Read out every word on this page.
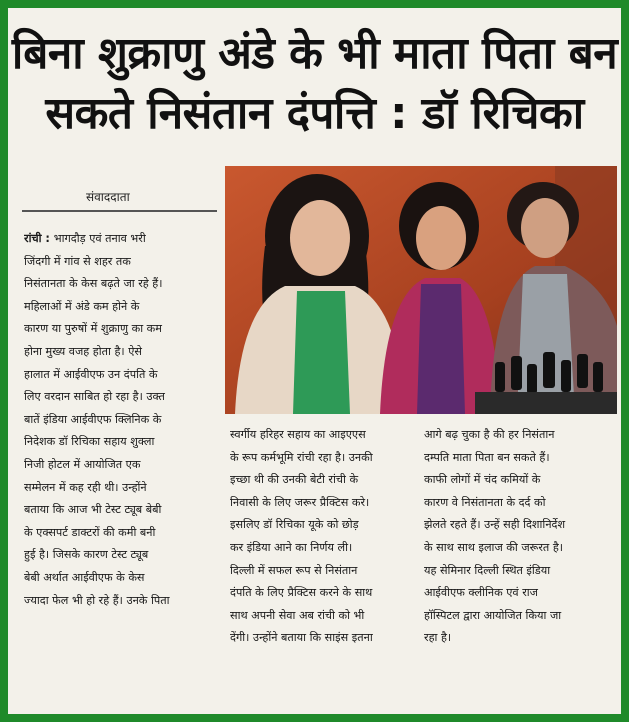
बिना शुक्राणु अंडे के भी माता पिता बन
सकते निसंतान दंपत्ति : डॉ रिचिका
संवाददाता
रांची : भागदौड़ एवं तनाव भरी
जिंदगी में गांव से शहर तक
निसंतानता के केस बढ़ते जा रहे हैं।
महिलाओं में अंडे कम होने के
कारण या पुरुषों में शुक्राणु का कम
होना मुख्य वजह होता है। ऐसे
हालात में आईवीएफ उन दंपति के
लिए वरदान साबित हो रहा है। उक्त
बातें इंडिया आईवीएफ क्लिनिक के
निदेशक डॉ रिचिका सहाय शुक्ला
निजी होटल में आयोजित एक
सम्मेलन में कह रही थी। उन्होंने
बताया कि आज भी टेस्ट ट्यूब बेबी
के एक्सपर्ट डाक्टरों की कमी बनी
हुई है। जिसके कारण टेस्ट ट्यूब
बेबी अर्थात आईवीएफ के केस
ज्यादा फेल भी हो रहे हैं। उनके पिता
स्वर्गीय हरिहर सहाय का आइएएस
के रूप कर्मभूमि रांची रहा है। उनकी
इच्छा थी की उनकी बेटी रांची के
निवासी के लिए जरूर प्रैक्टिस करे।
इसलिए डॉ रिचिका यूके को छोड़
कर इंडिया आने का निर्णय ली।
दिल्ली में सफल रूप से निसंतान
दंपति के लिए प्रैक्टिस करने के साथ
साथ अपनी सेवा अब रांची को भी
देंगी। उन्होंने बताया कि साइंस इतना
आगे बढ़ चुका है की हर निसंतान
दम्पति माता पिता बन सकते हैं।
काफी लोगों में चंद कमियों के
कारण वे निसंतानता के दर्द को
झेलते रहते हैं। उन्हें सही दिशानिर्देश
के साथ साथ इलाज की जरूरत है।
यह सेमिनार दिल्ली स्थित इंडिया
आईवीएफ क्लीनिक एवं राज
हॉस्पिटल द्वारा आयोजित किया जा
रहा है।
